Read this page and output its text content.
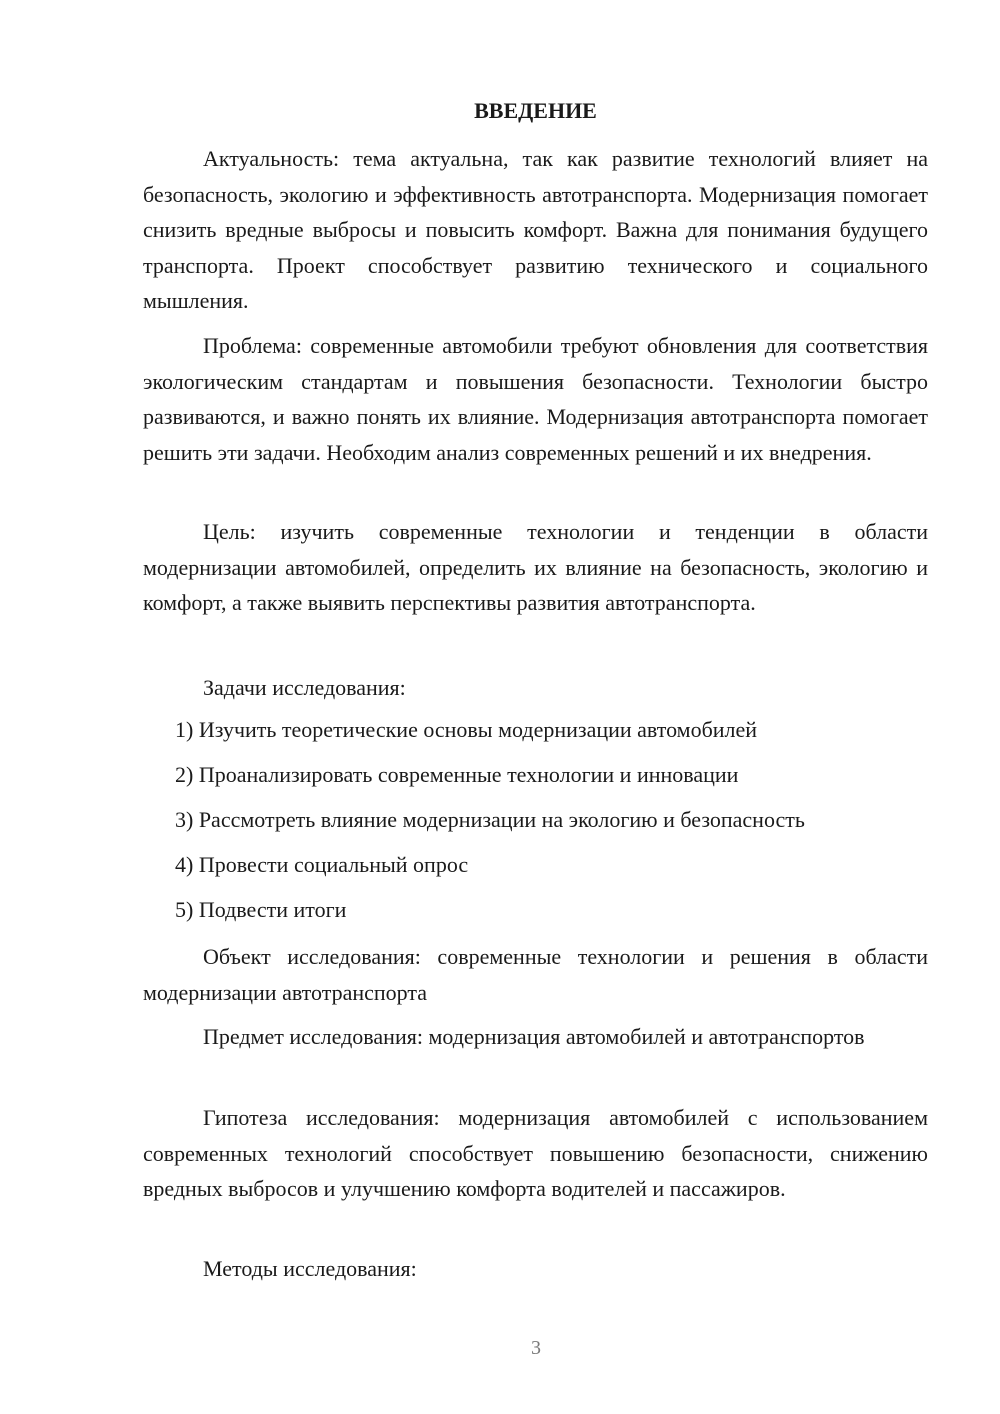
ВВЕДЕНИЕ

Актуальность: тема актуальна, так как развитие технологий влияет на безопасность, экологию и эффективность автотранспорта. Модернизация помогает снизить вредные выбросы и повысить комфорт. Важна для понимания будущего транспорта. Проект способствует развитию технического и социального мышления.

Проблема: современные автомобили требуют обновления для соответствия экологическим стандартам и повышения безопасности. Технологии быстро развиваются, и важно понять их влияние. Модернизация автотранспорта помогает решить эти задачи. Необходим анализ современных решений и их внедрения.

Цель: изучить современные технологии и тенденции в области модернизации автомобилей, определить их влияние на безопасность, экологию и комфорт, а также выявить перспективы развития автотранспорта.

Задачи исследования:

1) Изучить теоретические основы модернизации автомобилей

2) Проанализировать современные технологии и инновации

3) Рассмотреть влияние модернизации на экологию и безопасность

4) Провести социальный опрос

5) Подвести итоги

Объект исследования: современные технологии и решения в области модернизации автотранспорта

Предмет исследования: модернизация автомобилей и автотранспортов

Гипотеза исследования: модернизация автомобилей с использованием современных технологий способствует повышению безопасности, снижению вредных выбросов и улучшению комфорта водителей и пассажиров.

Методы исследования:

3
